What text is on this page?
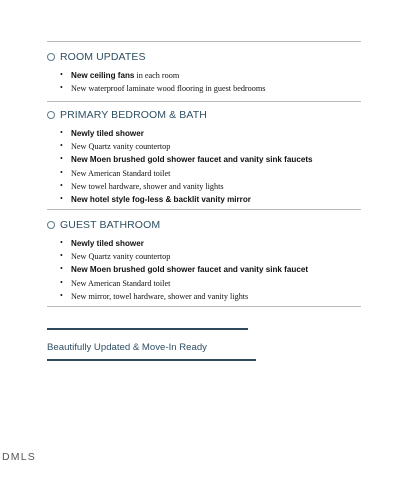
ROOM UPDATES
• New ceiling fans in each room
• New waterproof laminate wood flooring in guest bedrooms
PRIMARY BEDROOM & BATH
• Newly tiled shower
• New Quartz vanity countertop
• New Moen brushed gold shower faucet and vanity sink faucets
• New American Standard toilet
• New towel hardware, shower and vanity lights
• New hotel style fog-less & backlit vanity mirror
GUEST BATHROOM
• Newly tiled shower
• New Quartz vanity countertop
• New Moen brushed gold shower faucet and vanity sink faucet
• New American Standard toilet
• New mirror, towel hardware, shower and vanity lights
Beautifully Updated & Move-In Ready
DMLS
